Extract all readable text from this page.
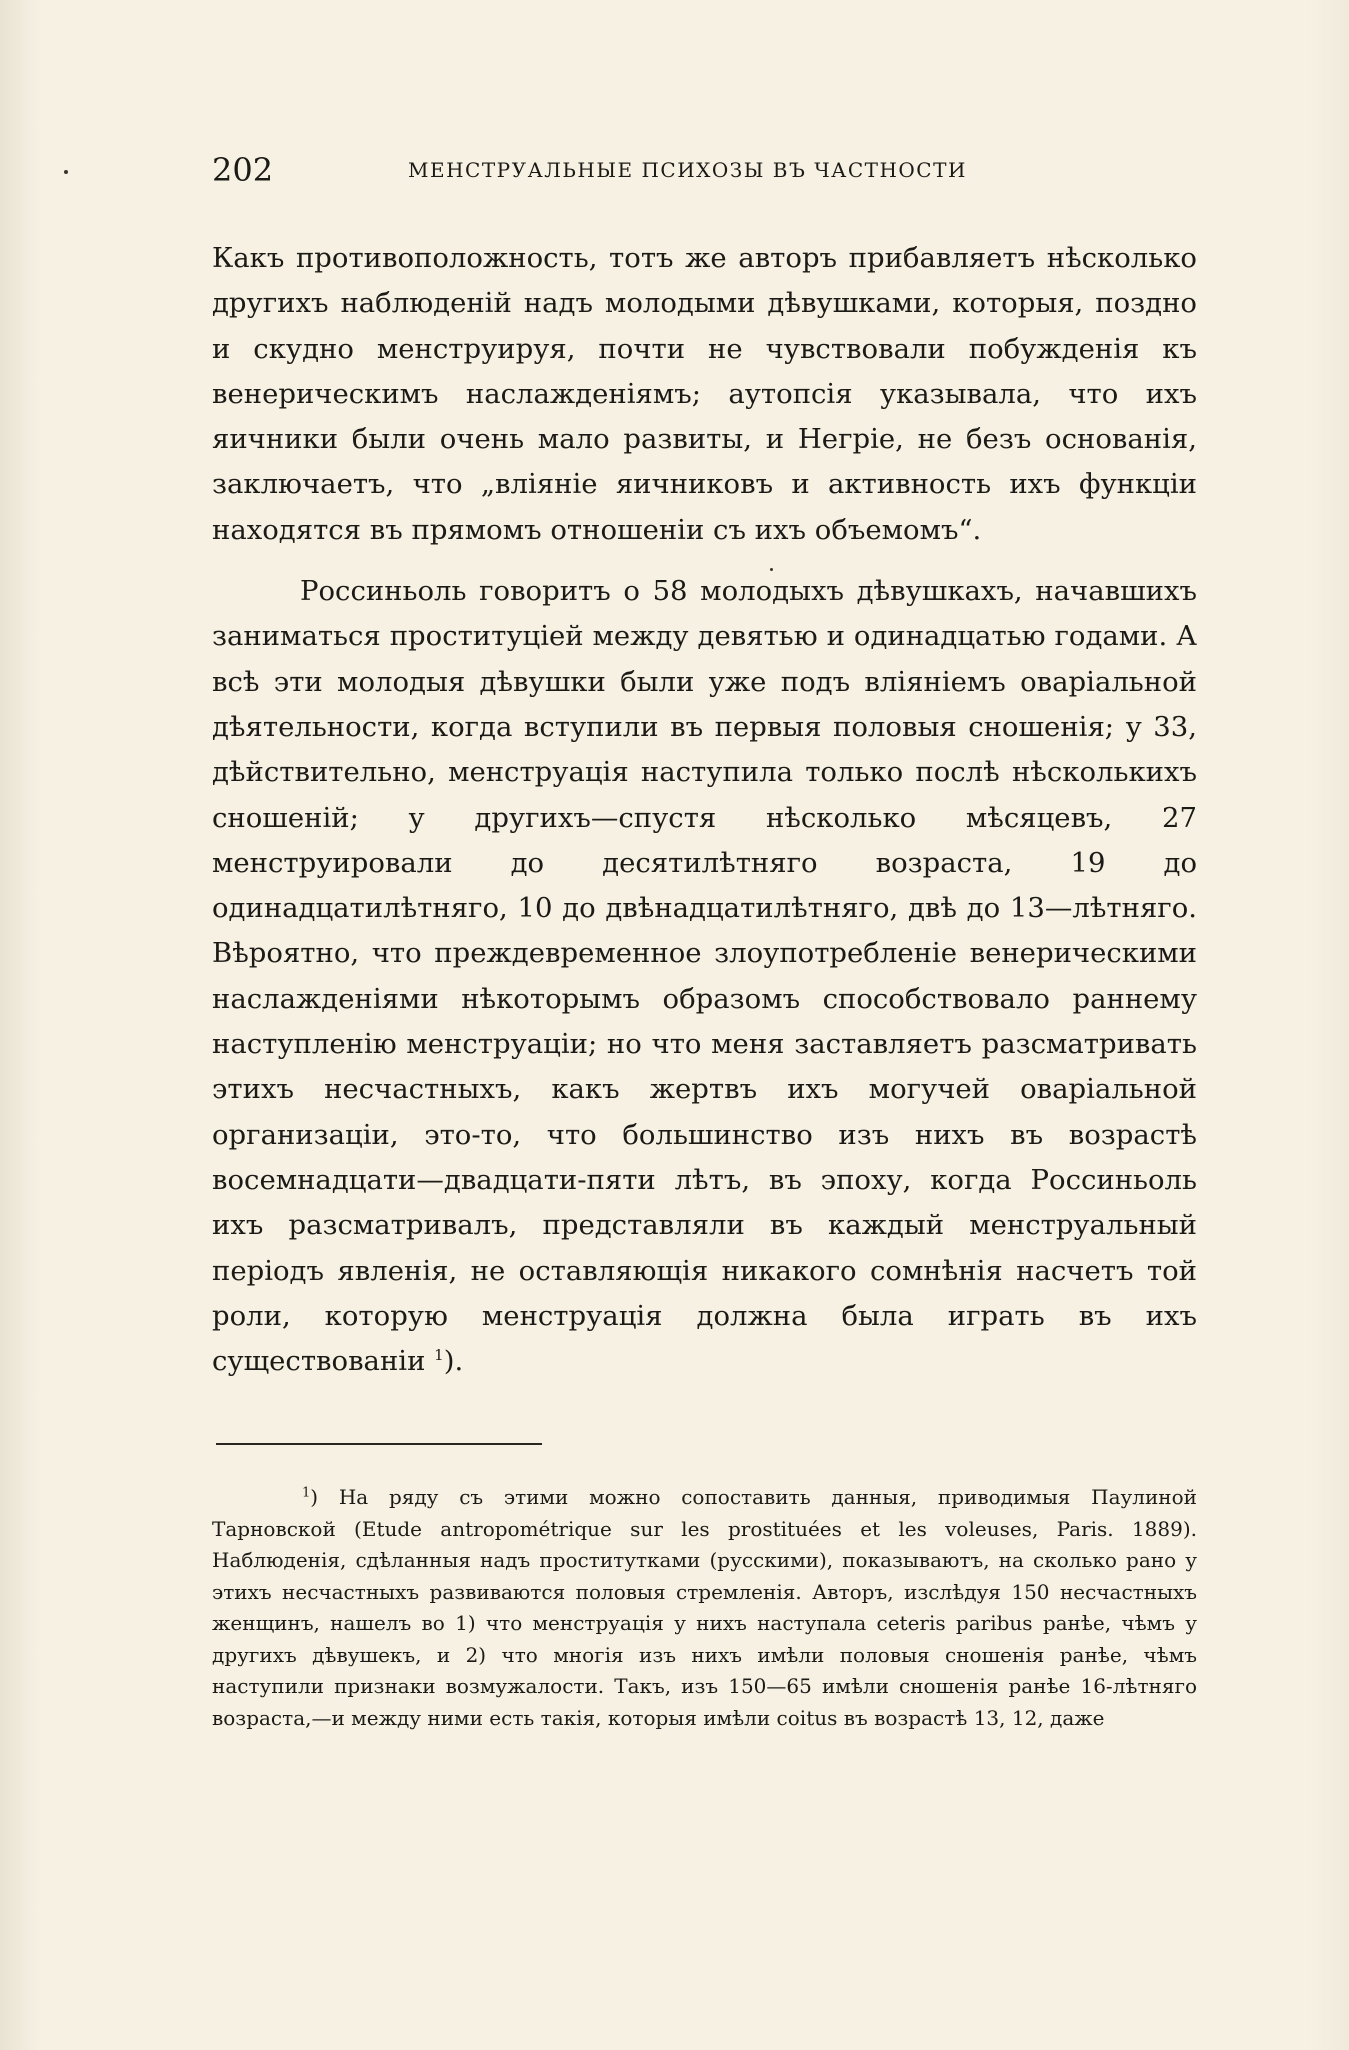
202	МЕНСТРУАЛЬНЫЕ ПСИХОЗЫ ВЪ ЧАСТНОСТИ

Какъ противоположность, тотъ же авторъ прибавляетъ нѣсколько другихъ наблюденій надъ молодыми дѣвушками, которыя, поздно и скудно менструируя, почти не чувствовали побужденія къ венерическимъ наслажденіямъ; аутопсія указывала, что ихъ яичники были очень мало развиты, и Негріе, не безъ основанія, заключаетъ, что „вліяніе яичниковъ и активность ихъ функціи находятся въ прямомъ отношеніи съ ихъ объемомъ“.

Россиньоль говоритъ о 58 молодыхъ дѣвушкахъ, начавшихъ заниматься проституціей между девятью и одинадцатью годами. А всѣ эти молодыя дѣвушки были уже подъ вліяніемъ оваріальной дѣятельности, когда вступили въ первыя половыя сношенія; у 33, дѣйствительно, менструація наступила только послѣ нѣсколькихъ сношеній; у другихъ—спустя нѣсколько мѣсяцевъ, 27 менструировали до десятилѣтняго возраста, 19 до одинадцатилѣтняго, 10 до двѣнадцатилѣтняго, двѣ до 13—лѣтняго. Вѣроятно, что преждевременное злоупотребленіе венерическими наслажденіями нѣкоторымъ образомъ способствовало раннему наступленію менструаціи; но что меня заставляетъ разсматривать этихъ несчастныхъ, какъ жертвъ ихъ могучей оваріальной организаціи, это-то, что большинство изъ нихъ въ возрастѣ восемнадцати—двадцати-пяти лѣтъ, въ эпоху, когда Россиньоль ихъ разсматривалъ, представляли въ каждый менструальный періодъ явленія, не оставляющія никакого сомнѣнія насчетъ той роли, которую менструація должна была играть въ ихъ существованіи $^1$).

$^1$) На ряду съ этими можно сопоставить данныя, приводимыя Паулиной Тарновской (Etude antropométrique sur les prostituées et les voleuses, Paris. 1889). Наблюденія, сдѣланныя надъ проститутками (русскими), показываютъ, на сколько рано у этихъ несчастныхъ развиваются половыя стремленія. Авторъ, изслѣдуя 150 несчастныхъ женщинъ, нашелъ во 1) что менструація у нихъ наступала ceteris paribus ранѣе, чѣмъ у другихъ дѣвушекъ, и 2) что многія изъ нихъ имѣли половыя сношенія ранѣе, чѣмъ наступили признаки возмужалости. Такъ, изъ 150—65 имѣли сношенія ранѣе 16-лѣтняго возраста,—и между ними есть такія, которыя имѣли coitus въ возрастѣ 13, 12, даже
